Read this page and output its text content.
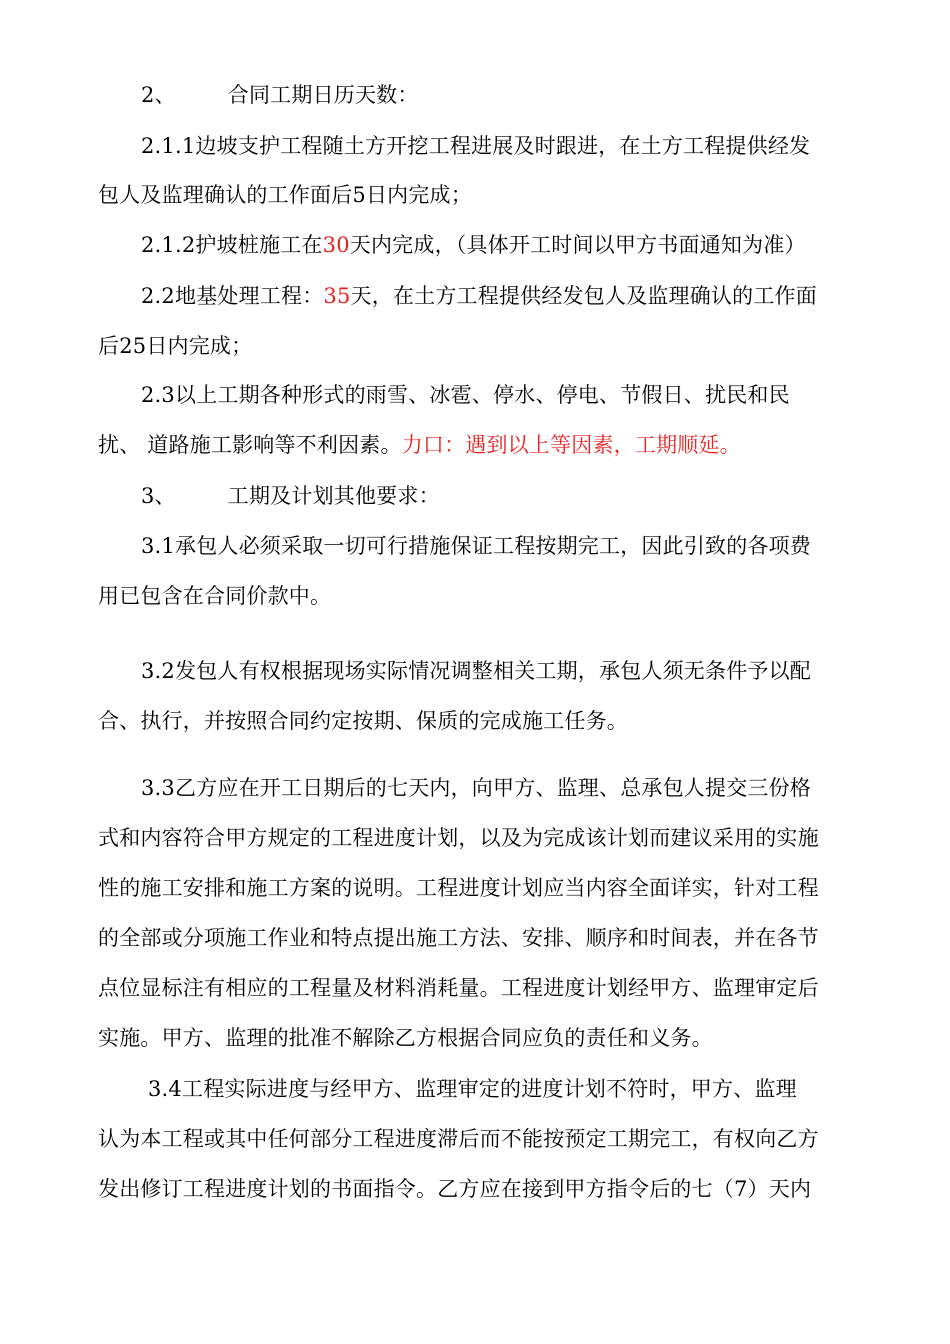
2、 合同工期日历天数：
2.1.1边坡支护工程随土方开挖工程进展及时跟进，在土方工程提供经发
包人及监理确认的工作面后5日内完成；
2.1.2护坡桩施工在30天内完成，（具体开工时间以甲方书面通知为准）
2.2地基处理工程：35天，在土方工程提供经发包人及监理确认的工作面
后25日内完成；
2.3以上工期各种形式的雨雪、冰雹、停水、停电、节假日、扰民和民
扰、 道路施工影响等不利因素。力口：遇到以上等因素，工期顺延。
3、 工期及计划其他要求：
3.1承包人必须采取一切可行措施保证工程按期完工，因此引致的各项费
用已包含在合同价款中。
3.2发包人有权根据现场实际情况调整相关工期，承包人须无条件予以配
合、执行，并按照合同约定按期、保质的完成施工任务。
3.3乙方应在开工日期后的七天内，向甲方、监理、总承包人提交三份格
式和内容符合甲方规定的工程进度计划，以及为完成该计划而建议采用的实施
性的施工安排和施工方案的说明。工程进度计划应当内容全面详实，针对工程
的全部或分项施工作业和特点提出施工方法、安排、顺序和时间表，并在各节
点位显标注有相应的工程量及材料消耗量。工程进度计划经甲方、监理审定后
实施。甲方、监理的批准不解除乙方根据合同应负的责任和义务。
3.4工程实际进度与经甲方、监理审定的进度计划不符时，甲方、监理
认为本工程或其中任何部分工程进度滞后而不能按预定工期完工，有权向乙方
发出修订工程进度计划的书面指令。乙方应在接到甲方指令后的七（7）天内
